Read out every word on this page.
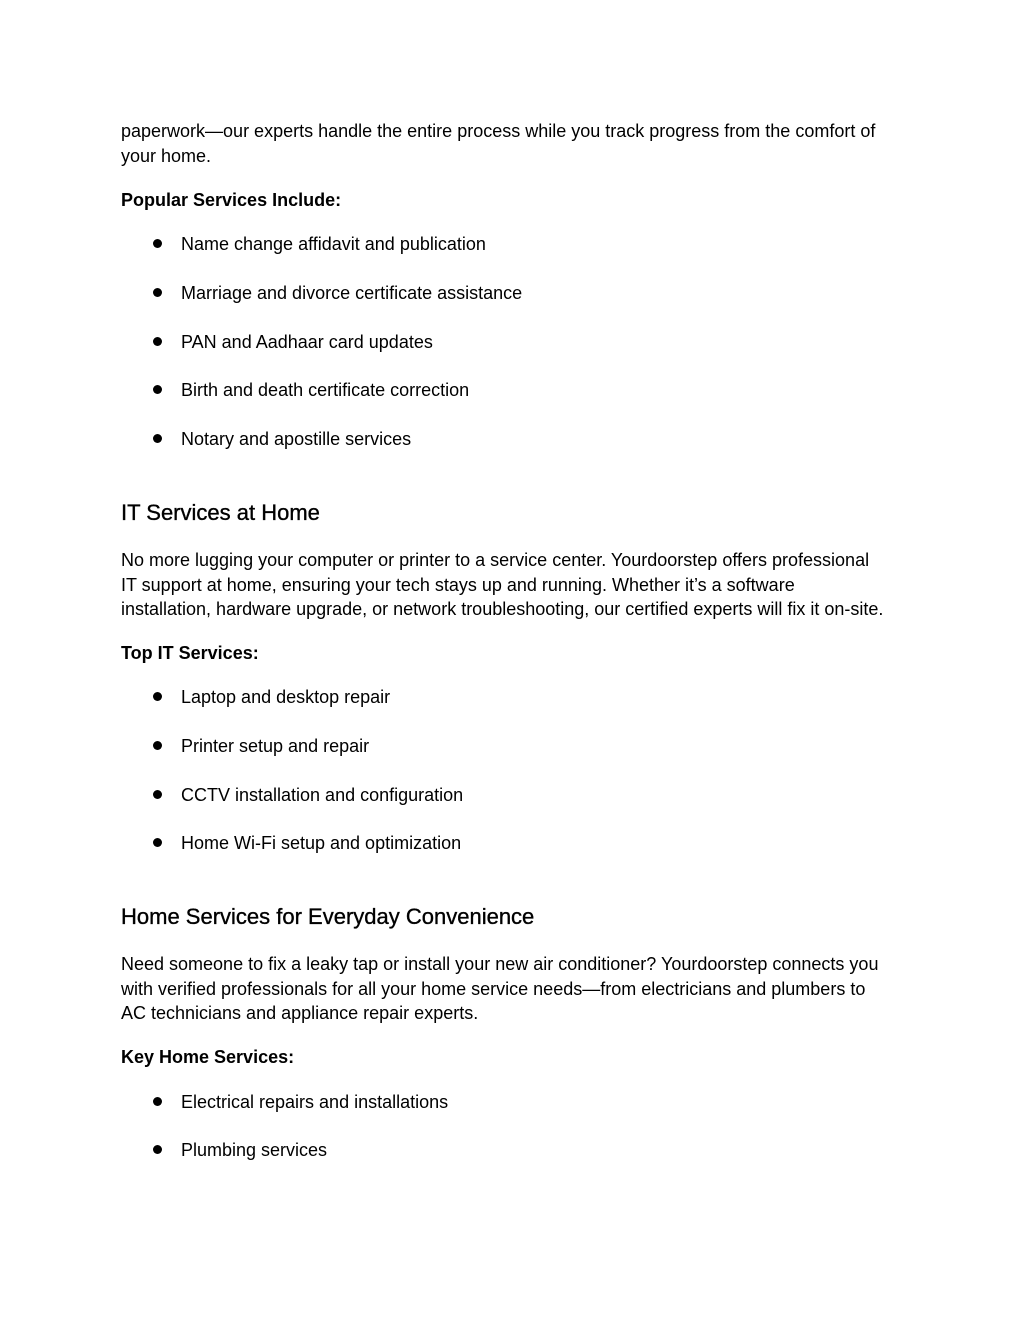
paperwork—our experts handle the entire process while you track progress from the comfort of
your home.
Popular Services Include:
Name change affidavit and publication
Marriage and divorce certificate assistance
PAN and Aadhaar card updates
Birth and death certificate correction
Notary and apostille services
IT Services at Home
No more lugging your computer or printer to a service center. Yourdoorstep offers professional
IT support at home, ensuring your tech stays up and running. Whether it’s a software
installation, hardware upgrade, or network troubleshooting, our certified experts will fix it on-site.
Top IT Services:
Laptop and desktop repair
Printer setup and repair
CCTV installation and configuration
Home Wi-Fi setup and optimization
Home Services for Everyday Convenience
Need someone to fix a leaky tap or install your new air conditioner? Yourdoorstep connects you
with verified professionals for all your home service needs—from electricians and plumbers to
AC technicians and appliance repair experts.
Key Home Services:
Electrical repairs and installations
Plumbing services
